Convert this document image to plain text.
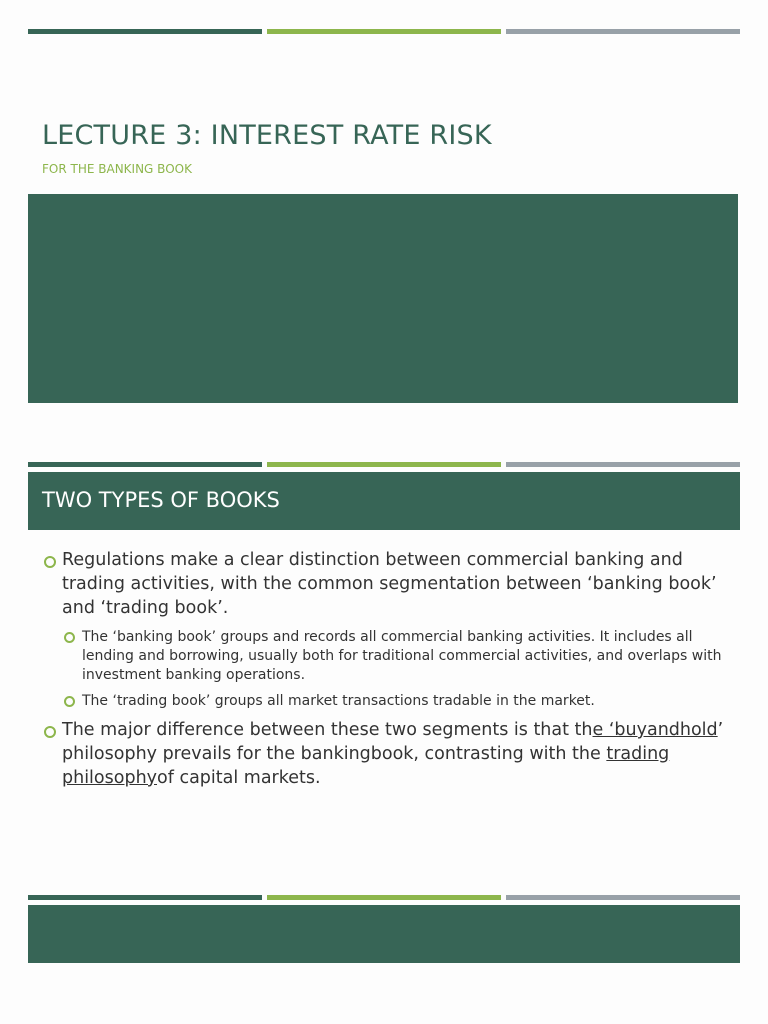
LECTURE 3: INTEREST RATE RISK
FOR THE BANKING BOOK
TWO TYPES OF BOOKS
Regulations make a clear distinction between commercial banking and trading activities, with the common segmentation between ‘banking book’ and ‘trading book’.
The ‘banking book’ groups and records all commercial banking activities. It includes all lending and borrowing, usually both for traditional commercial activities, and overlaps with investment banking operations.
The ‘trading book’ groups all market transactions tradable in the market.
The major difference between these two segments is that the ‘buyandhold’ philosophy prevails for the bankingbook, contrasting with the trading philosophyof capital markets.
